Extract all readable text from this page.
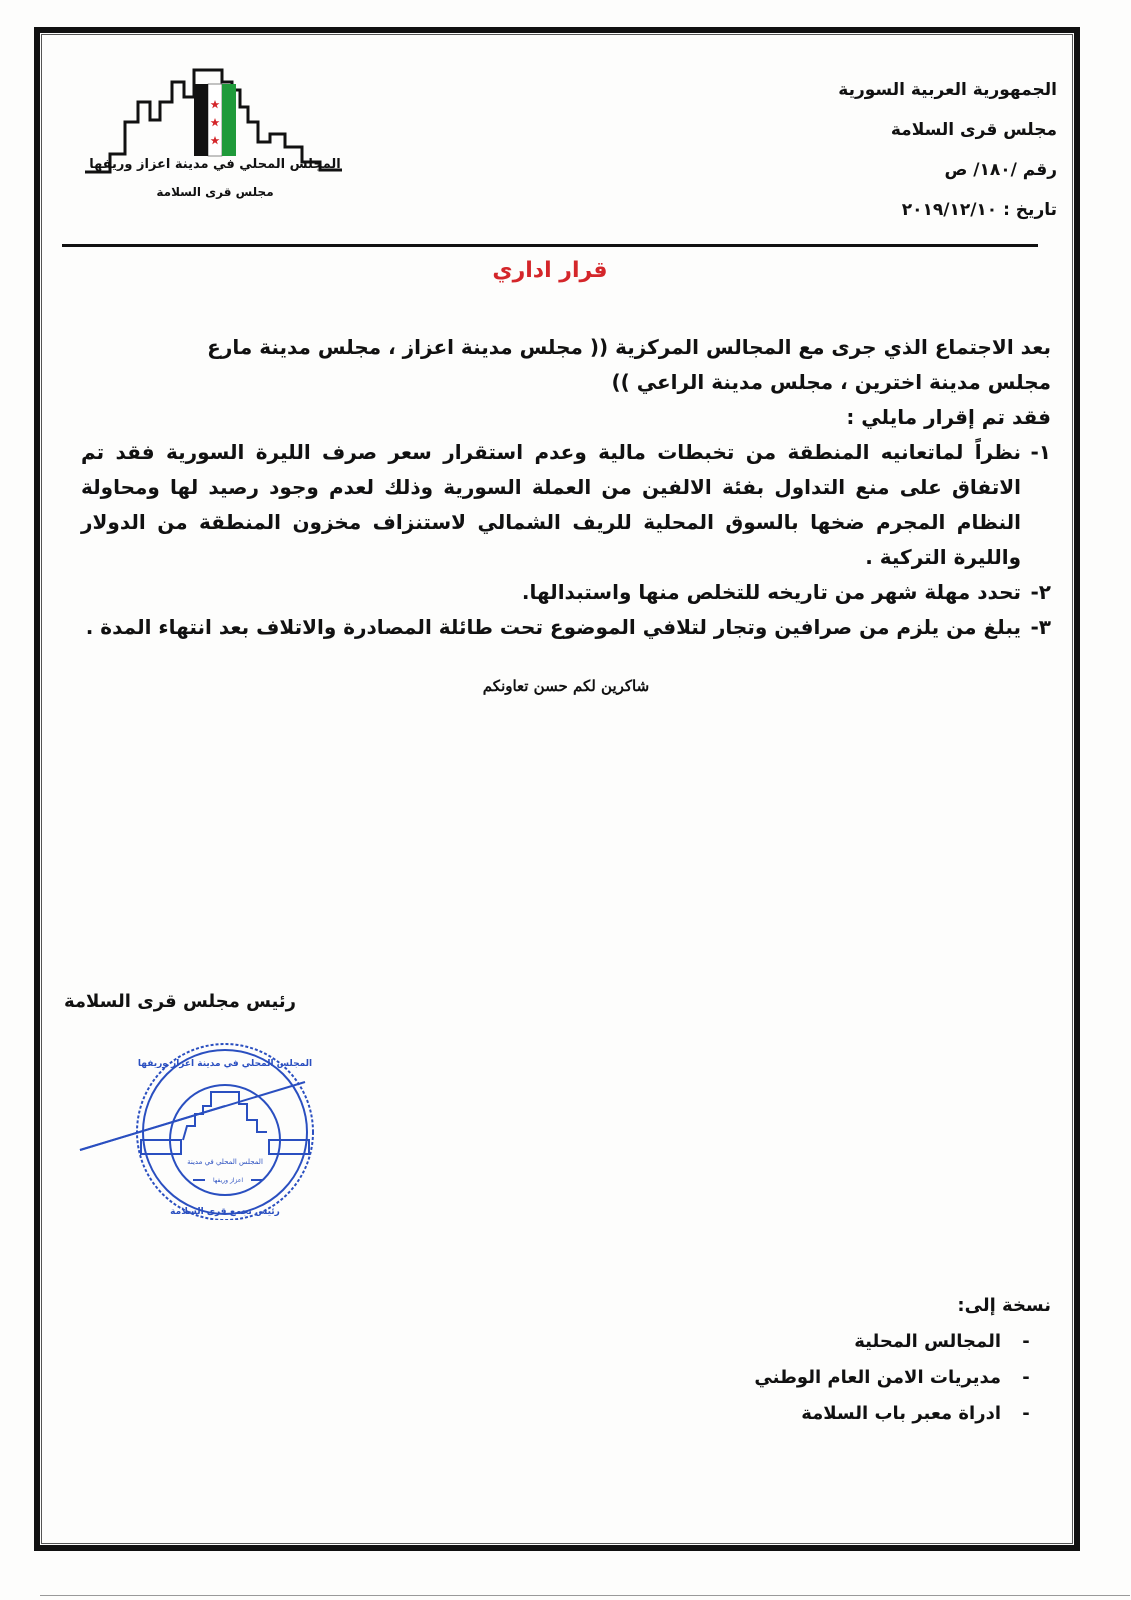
الجمهورية العربية السورية
مجلس قرى السلامة
رقم /١٨٠/ ص
تاريخ : ٢٠١٩/١٢/١٠
المجلس المحلي في مدينة اعزاز وريفها
مجلس قرى السلامة
قرار اداري

بعد الاجتماع الذي جرى مع المجالس المركزية (( مجلس مدينة اعزاز ، مجلس مدينة مارع

مجلس مدينة اخترين ، مجلس مدينة الراعي ))

فقد تم إقرار مايلي :

١-
نظراً لماتعانيه المنطقة من تخبطات مالية وعدم استقرار سعر صرف الليرة السورية فقد تم الاتفاق على منع التداول بفئة الالفين من العملة السورية وذلك لعدم وجود رصيد لها ومحاولة النظام المجرم ضخها بالسوق المحلية للريف الشمالي لاستنزاف مخزون المنطقة من الدولار والليرة التركية .
٢-
تحدد مهلة شهر من تاريخه للتخلص منها واستبدالها.
٣-
يبلغ من يلزم من صرافين وتجار لتلافي الموضوع تحت طائلة المصادرة والاتلاف بعد انتهاء المدة .
شاكرين لكم حسن تعاونكم
رئيس مجلس قرى السلامة
المجلس المحلي في مدينة اعزاز وريفها
المجلس المحلي في مدينة
اعزاز وريفها
رئيس تجمع قرى السلامة
نسخة إلى:
-
المجالس المحلية
-
مديريات الامن العام الوطني
-
ادراة معبر باب السلامة
